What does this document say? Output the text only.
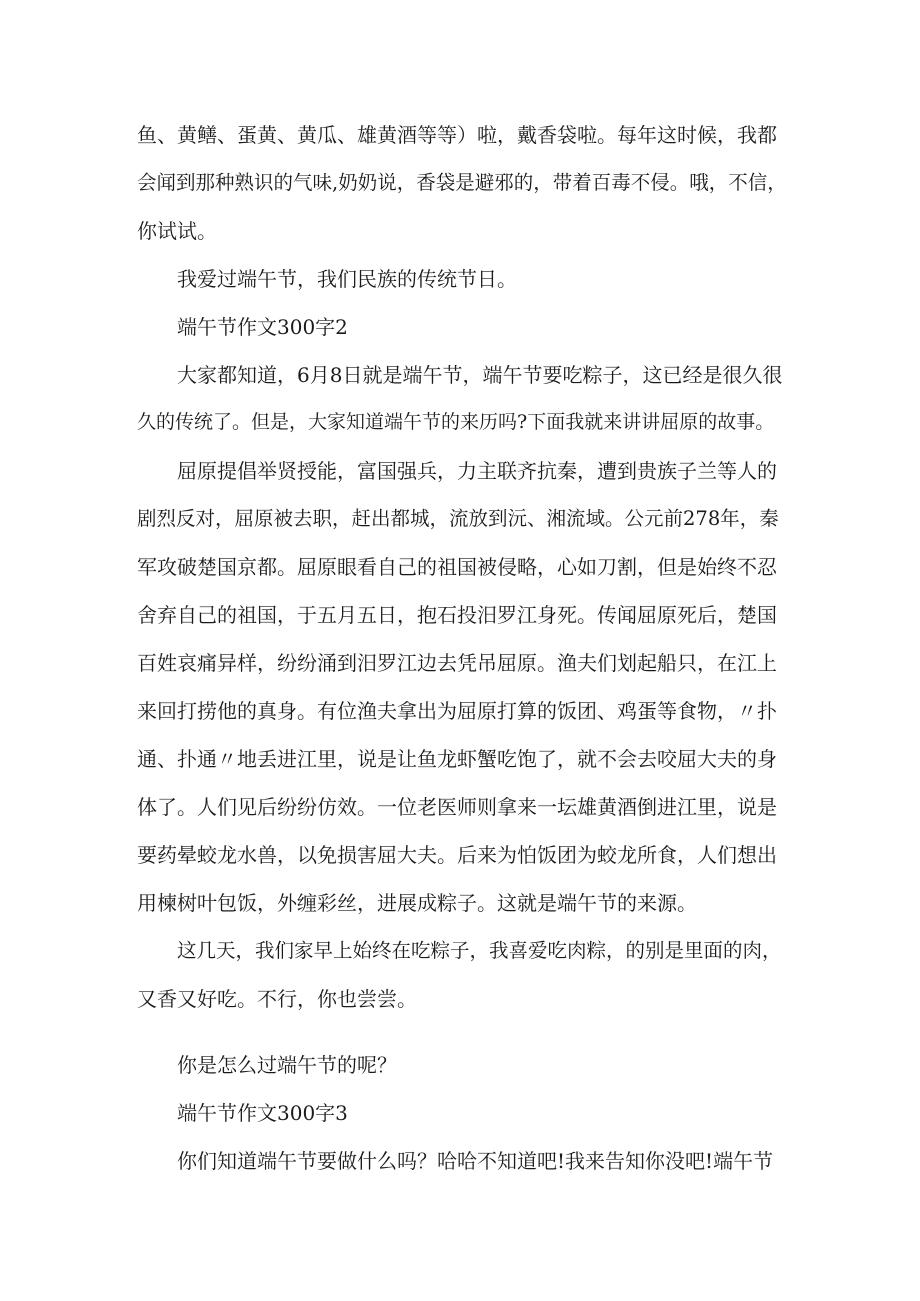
鱼、黄鳝、蛋黄、黄瓜、雄黄酒等等）啦，戴香袋啦。每年这时候，我都
会闻到那种熟识的气味,奶奶说，香袋是避邪的，带着百毒不侵。哦，不信，
你试试。
我爱过端午节，我们民族的传统节日。
端午节作文300字2
大家都知道，6月8日就是端午节，端午节要吃粽子，这已经是很久很
久的传统了。但是，大家知道端午节的来历吗?下面我就来讲讲屈原的故事。
屈原提倡举贤授能，富国强兵，力主联齐抗秦，遭到贵族子兰等人的
剧烈反对，屈原被去职，赶出都城，流放到沅、湘流域。公元前278年，秦
军攻破楚国京都。屈原眼看自己的祖国被侵略，心如刀割，但是始终不忍
舍弃自己的祖国，于五月五日，抱石投汨罗江身死。传闻屈原死后，楚国
百姓哀痛异样，纷纷涌到汨罗江边去凭吊屈原。渔夫们划起船只，在江上
来回打捞他的真身。有位渔夫拿出为屈原打算的饭团、鸡蛋等食物，〃扑
通、扑通〃地丢进江里，说是让鱼龙虾蟹吃饱了，就不会去咬屈大夫的身
体了。人们见后纷纷仿效。一位老医师则拿来一坛雄黄酒倒进江里，说是
要药晕蛟龙水兽，以免损害屈大夫。后来为怕饭团为蛟龙所食，人们想出
用楝树叶包饭，外缠彩丝，进展成粽子。这就是端午节的来源。
这几天，我们家早上始终在吃粽子，我喜爱吃肉粽，的别是里面的肉，
又香又好吃。不行，你也尝尝。
你是怎么过端午节的呢？
端午节作文300字3
你们知道端午节要做什么吗？哈哈不知道吧!我来告知你没吧!端午节
